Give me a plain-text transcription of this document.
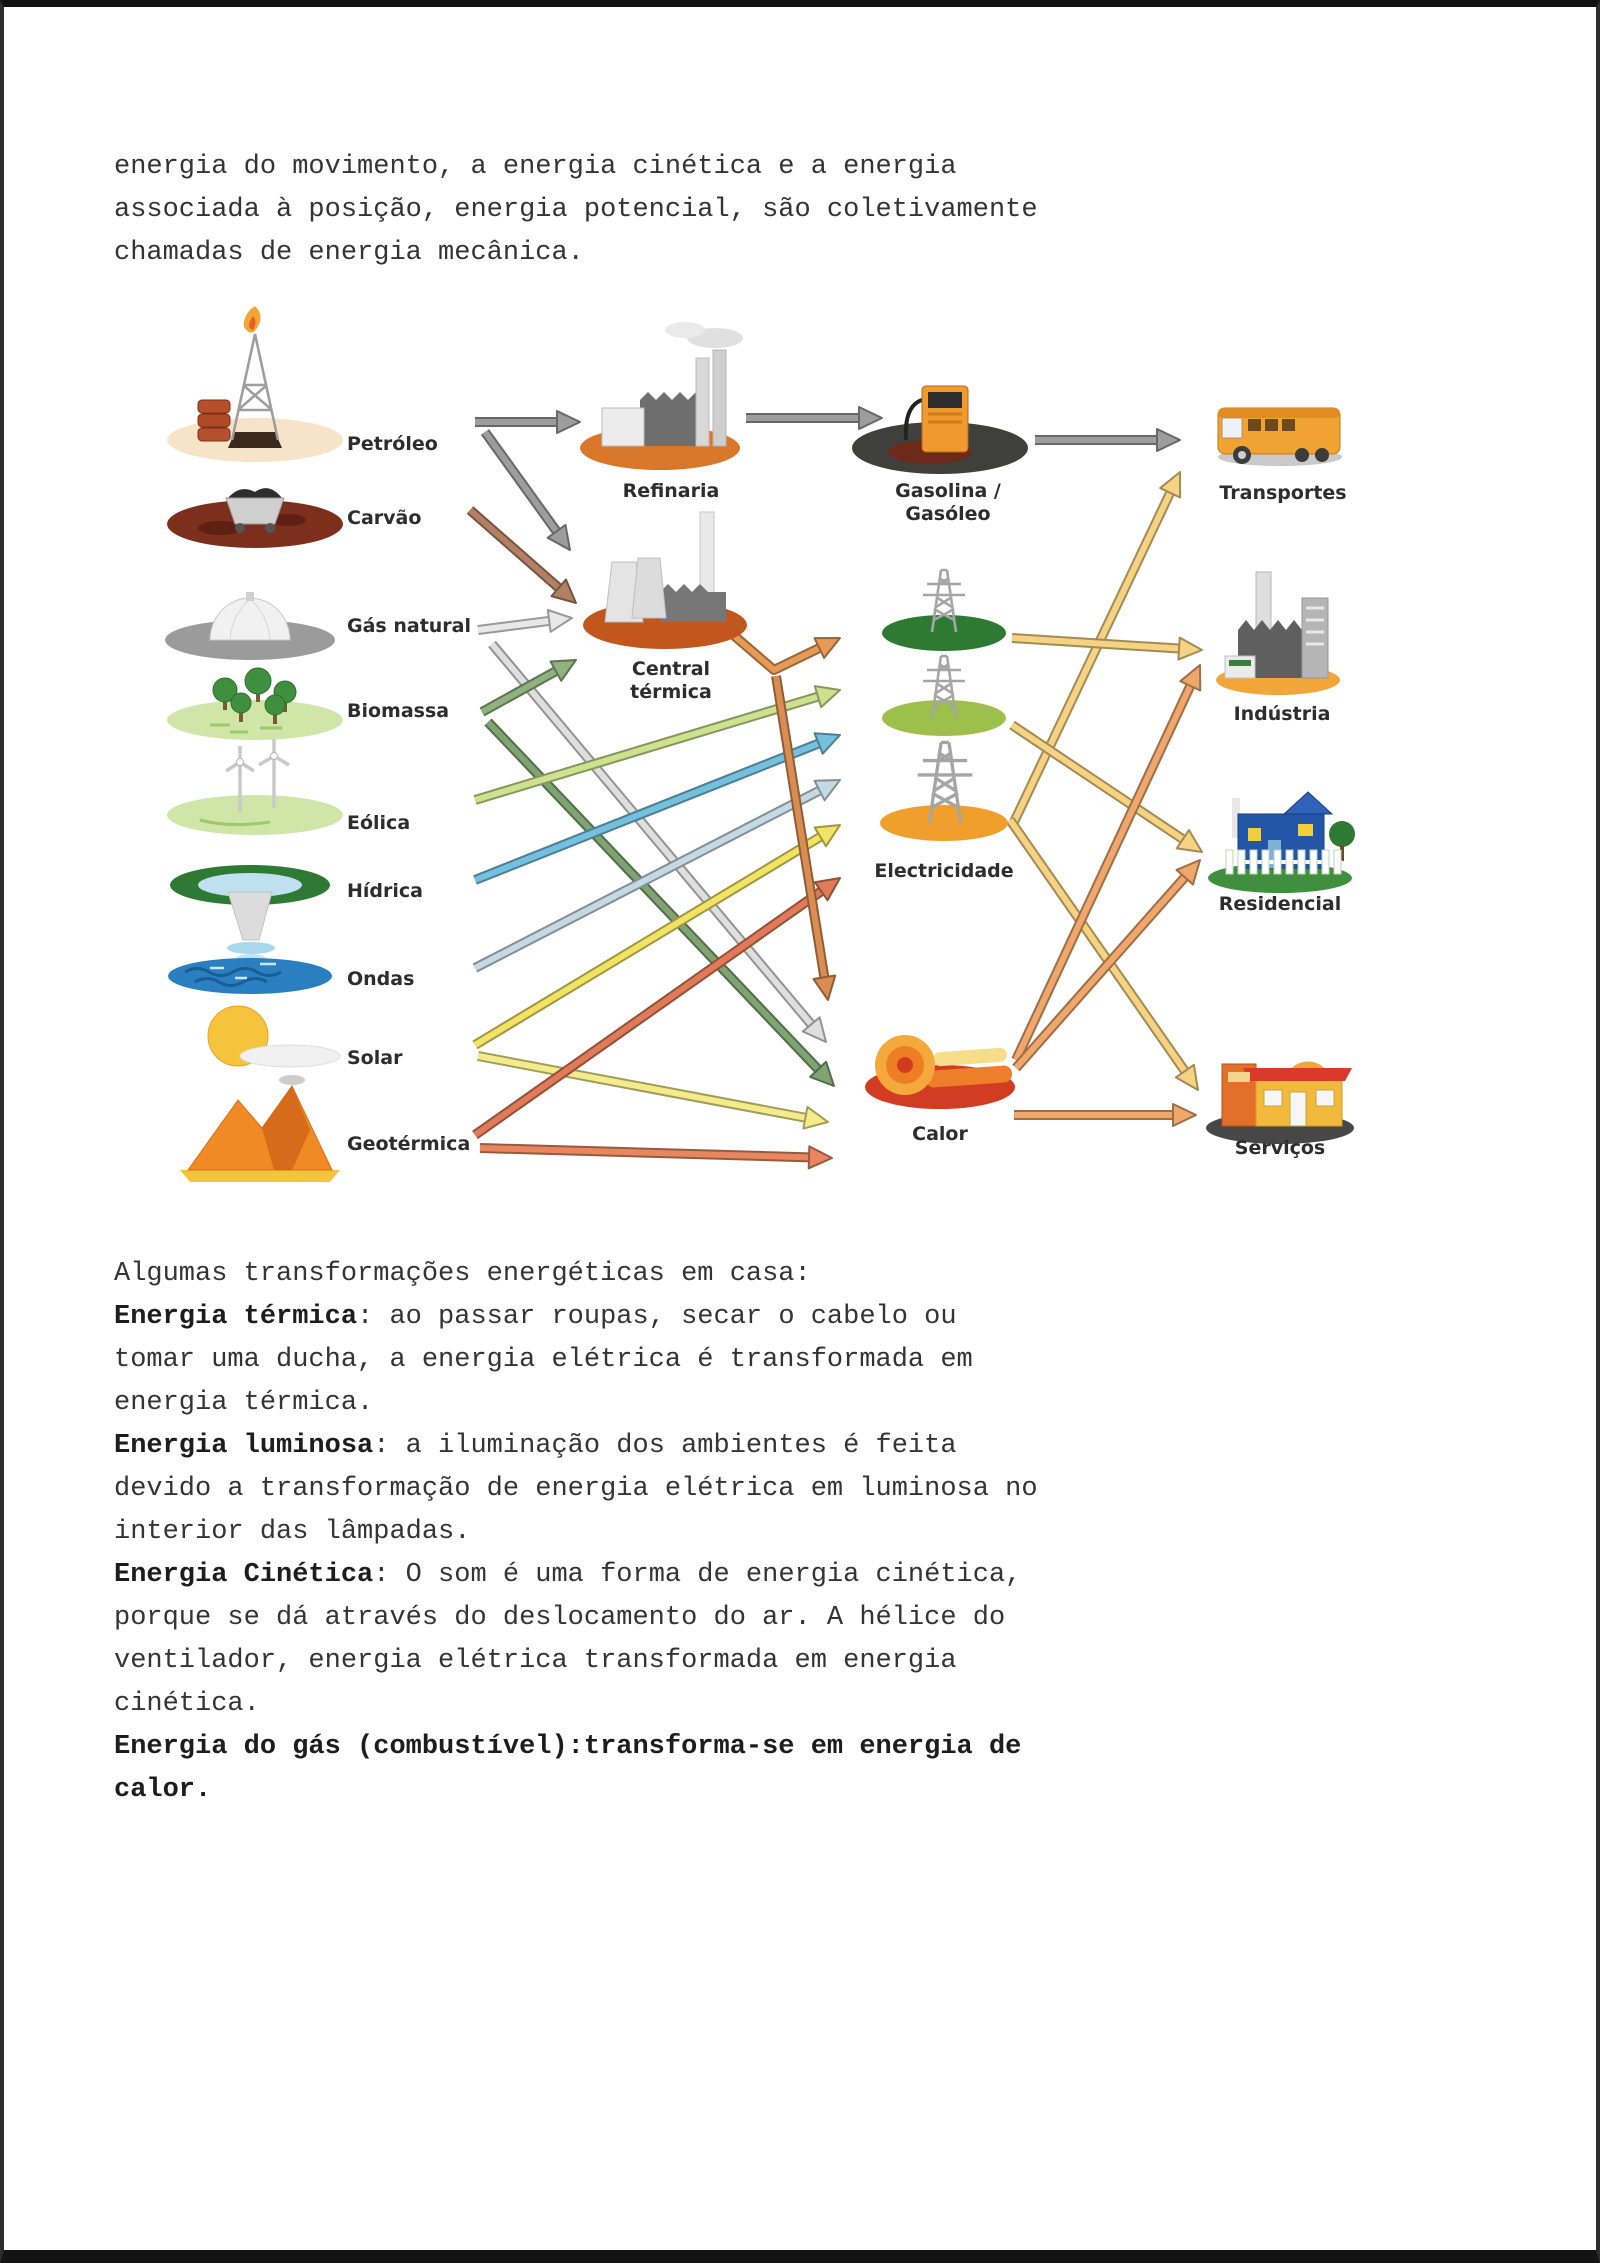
energia do movimento, a energia cinética e a energia associada à posição, energia potencial, são coletivamente chamadas de energia mecânica.
Petróleo
Carvão
Gás natural
Biomassa
Eólica
Hídrica
Ondas
Solar
Geotérmica
Refinaria
Central
térmica
Gasolina /
Gasóleo
Electricidade
Calor
Transportes
Indústria
Residencial
Serviços
Algumas transformações energéticas em casa:
Energia térmica: ao passar roupas, secar o cabelo ou tomar uma ducha, a energia elétrica é transformada em energia térmica.
Energia luminosa: a iluminação dos ambientes é feita devido a transformação de energia elétrica em luminosa no interior das lâmpadas.
Energia Cinética: O som é uma forma de energia cinética, porque se dá através do deslocamento do ar. A hélice do ventilador, energia elétrica transformada em energia cinética.
Energia do gás (combustível):transforma-se em energia de calor.
